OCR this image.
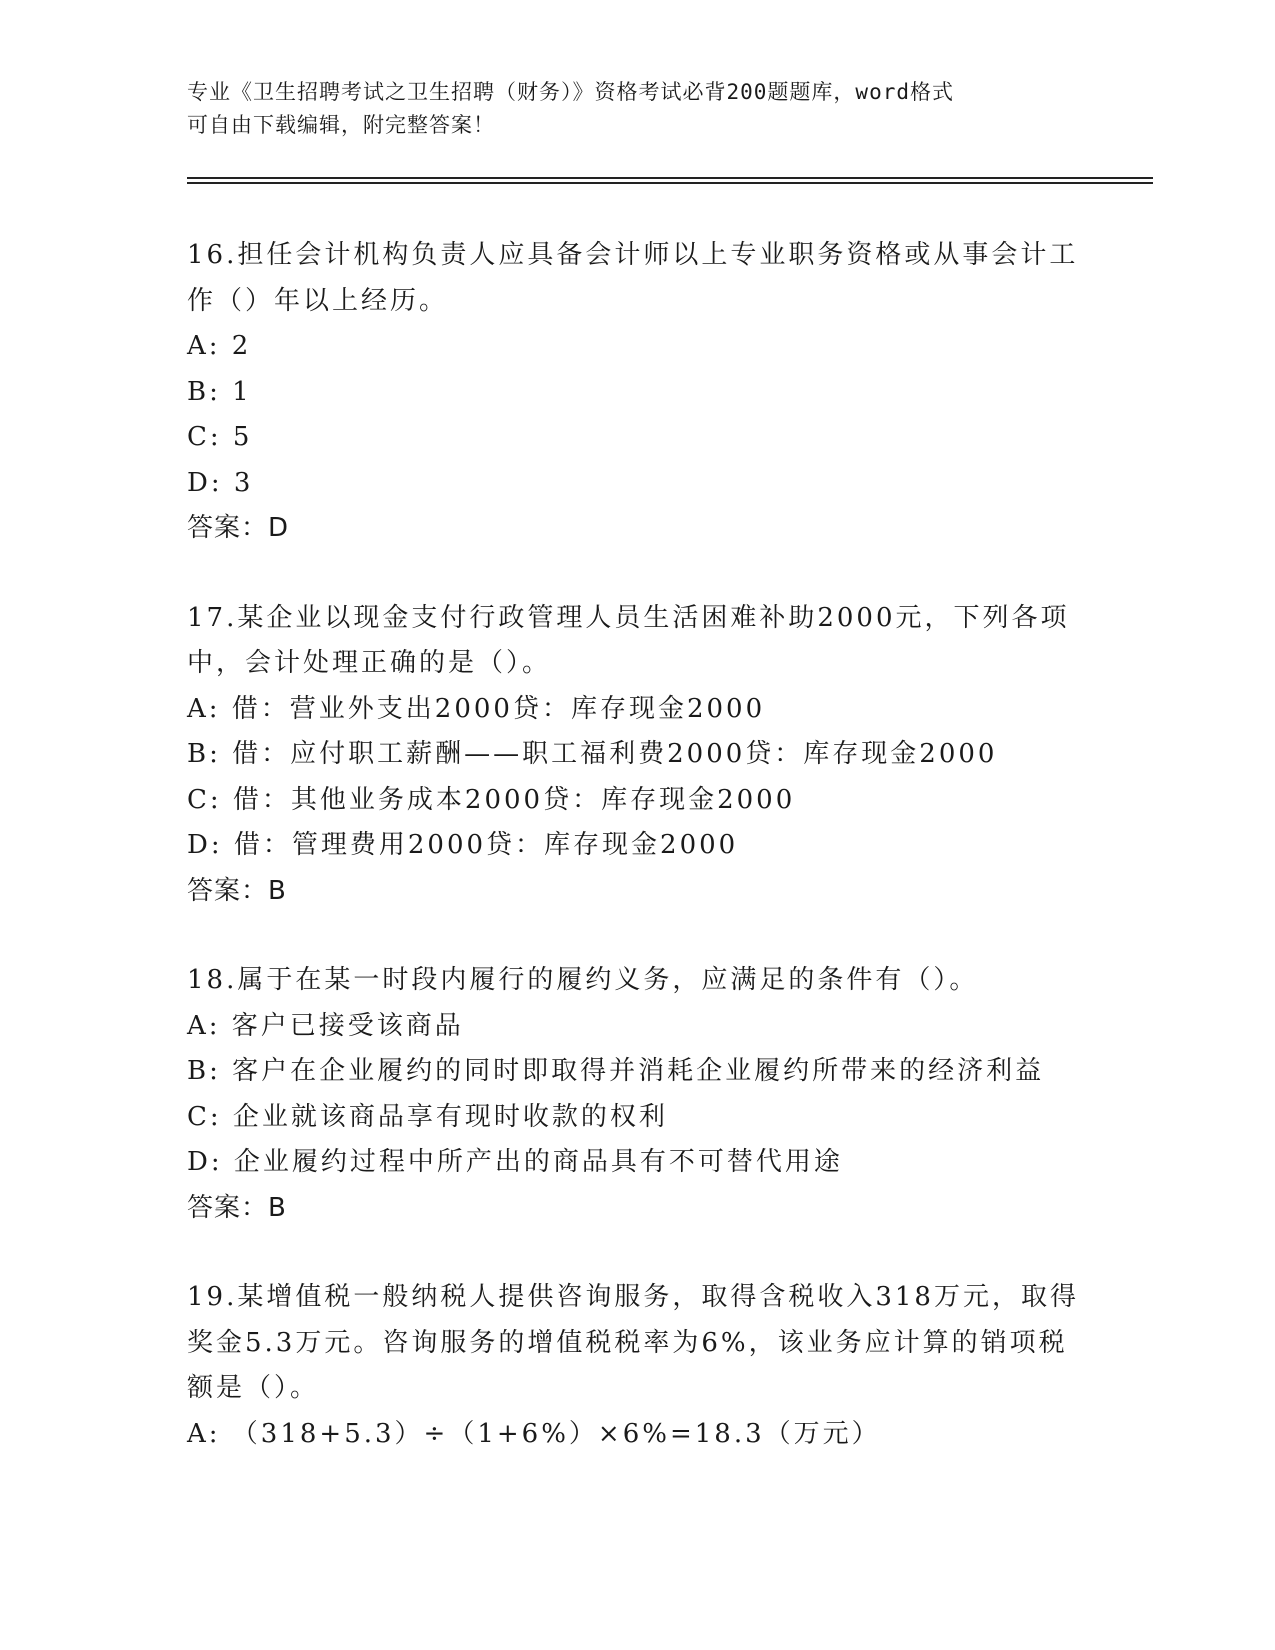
专业《卫生招聘考试之卫生招聘（财务）》资格考试必背200题题库，word格式
可自由下载编辑，附完整答案！
16.担任会计机构负责人应具备会计师以上专业职务资格或从事会计工
作（）年以上经历。
A: 2
B: 1
C: 5
D: 3
答案：D
17.某企业以现金支付行政管理人员生活困难补助2000元，下列各项
中，会计处理正确的是（）。
A: 借：营业外支出2000贷：库存现金2000
B: 借：应付职工薪酬——职工福利费2000贷：库存现金2000
C: 借：其他业务成本2000贷：库存现金2000
D: 借：管理费用2000贷：库存现金2000
答案：B
18.属于在某一时段内履行的履约义务，应满足的条件有（）。
A: 客户已接受该商品
B: 客户在企业履约的同时即取得并消耗企业履约所带来的经济利益
C: 企业就该商品享有现时收款的权利
D: 企业履约过程中所产出的商品具有不可替代用途
答案：B
19.某增值税一般纳税人提供咨询服务，取得含税收入318万元，取得
奖金5.3万元。咨询服务的增值税税率为6%，该业务应计算的销项税
额是（）。
A: （318+5.3）÷（1+6%）×6%=18.3（万元）
